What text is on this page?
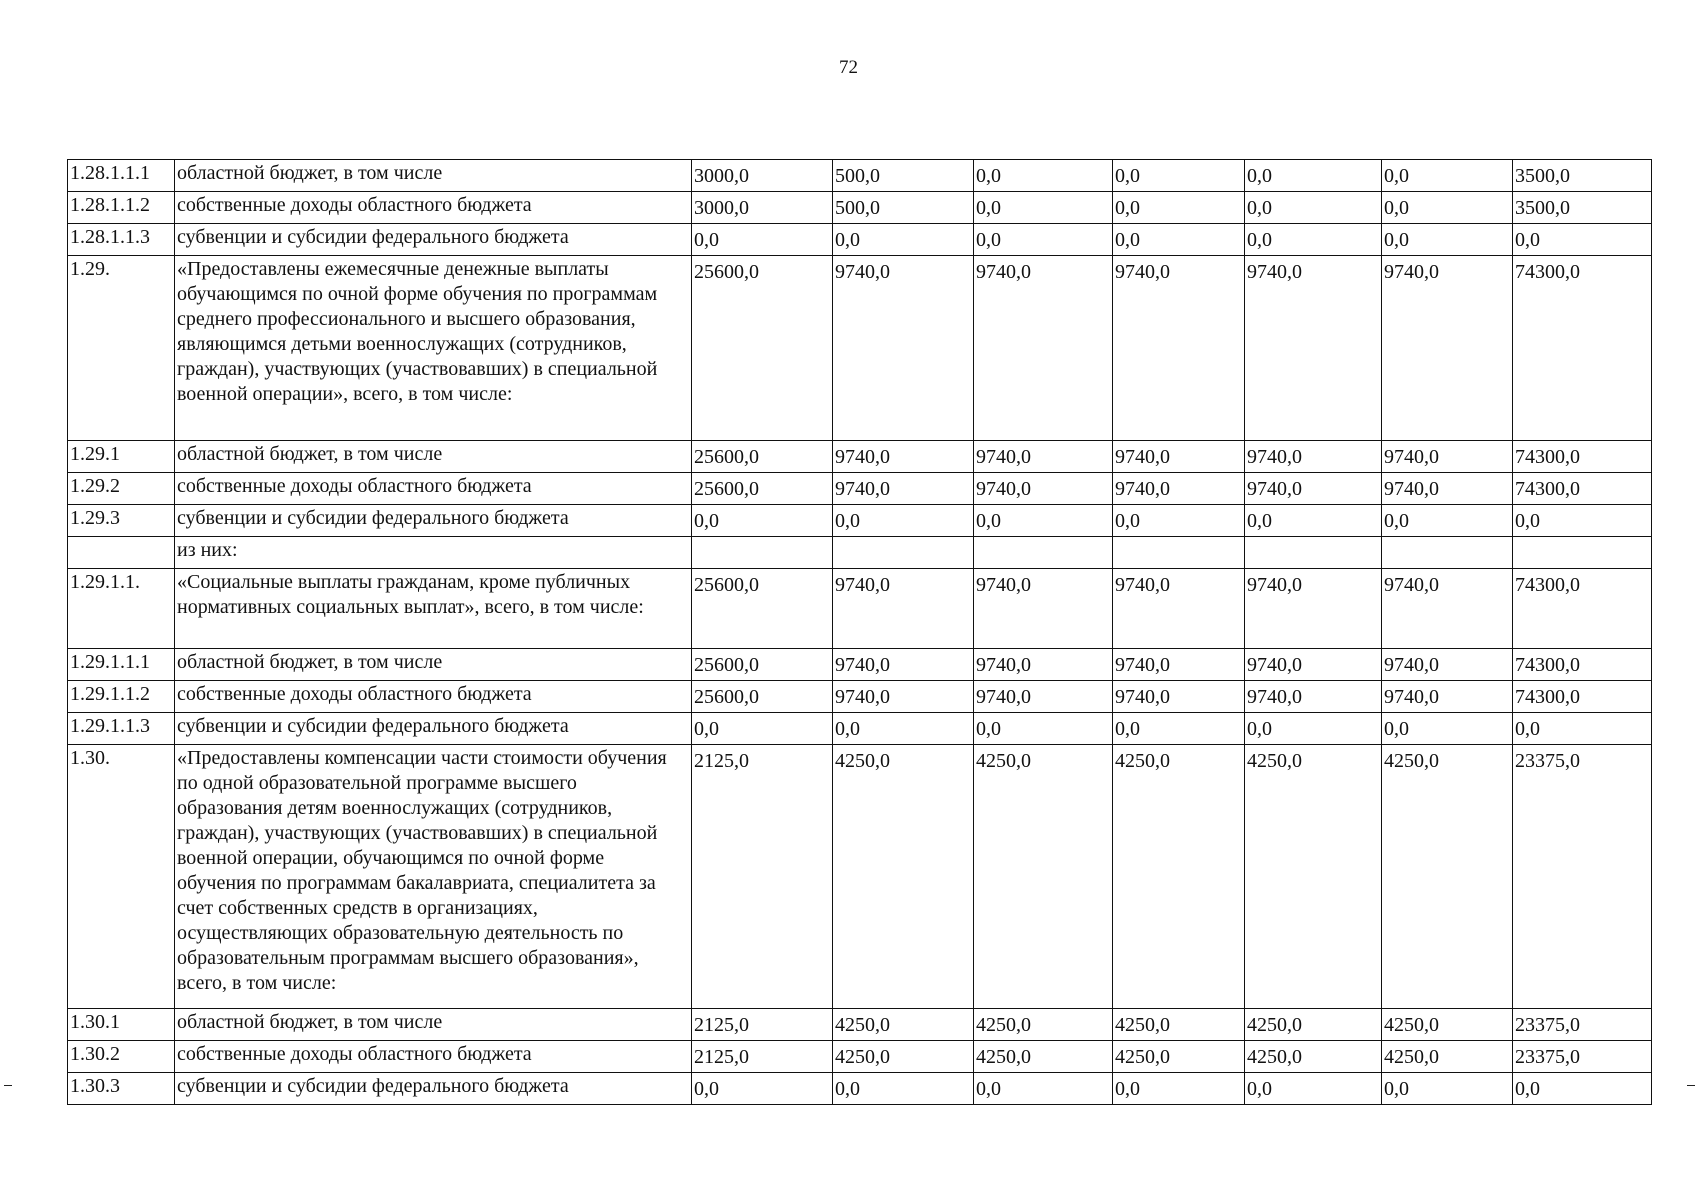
72
1.28.1.1.1	областной бюджет, в том числе	3000,0	500,0	0,0	0,0	0,0	0,0	3500,0
1.28.1.1.2	собственные доходы областного бюджета	3000,0	500,0	0,0	0,0	0,0	0,0	3500,0
1.28.1.1.3	субвенции и субсидии федерального бюджета	0,0	0,0	0,0	0,0	0,0	0,0	0,0
1.29.	«Предоставлены ежемесячные денежные выплаты обучающимся по очной форме обучения по программам среднего профессионального и высшего образования, являющимся детьми военнослужащих (сотрудников, граждан), участвующих (участвовавших) в специальной военной операции», всего, в том числе:	25600,0	9740,0	9740,0	9740,0	9740,0	9740,0	74300,0
1.29.1	областной бюджет, в том числе	25600,0	9740,0	9740,0	9740,0	9740,0	9740,0	74300,0
1.29.2	собственные доходы областного бюджета	25600,0	9740,0	9740,0	9740,0	9740,0	9740,0	74300,0
1.29.3	субвенции и субсидии федерального бюджета	0,0	0,0	0,0	0,0	0,0	0,0	0,0
	из них:							
1.29.1.1.	«Социальные выплаты гражданам, кроме публичных нормативных социальных выплат», всего, в том числе:	25600,0	9740,0	9740,0	9740,0	9740,0	9740,0	74300,0
1.29.1.1.1	областной бюджет, в том числе	25600,0	9740,0	9740,0	9740,0	9740,0	9740,0	74300,0
1.29.1.1.2	собственные доходы областного бюджета	25600,0	9740,0	9740,0	9740,0	9740,0	9740,0	74300,0
1.29.1.1.3	субвенции и субсидии федерального бюджета	0,0	0,0	0,0	0,0	0,0	0,0	0,0
1.30.	«Предоставлены компенсации части стоимости обучения по одной образовательной программе высшего образования детям военнослужащих (сотрудников, граждан), участвующих (участвовавших) в специальной военной операции, обучающимся по очной форме обучения по программам бакалавриата, специалитета за счет собственных средств в организациях, осуществляющих образовательную деятельность по образовательным программам высшего образования», всего, в том числе:	2125,0	4250,0	4250,0	4250,0	4250,0	4250,0	23375,0
1.30.1	областной бюджет, в том числе	2125,0	4250,0	4250,0	4250,0	4250,0	4250,0	23375,0
1.30.2	собственные доходы областного бюджета	2125,0	4250,0	4250,0	4250,0	4250,0	4250,0	23375,0
1.30.3	субвенции и субсидии федерального бюджета	0,0	0,0	0,0	0,0	0,0	0,0	0,0
